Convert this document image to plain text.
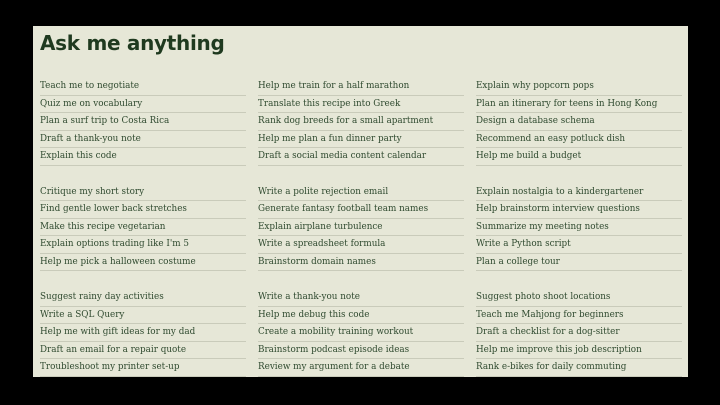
Ask me anything
Teach me to negotiate
Quiz me on vocabulary
Plan a surf trip to Costa Rica
Draft a thank-you note
Explain this code
Help me train for a half marathon
Translate this recipe into Greek
Rank dog breeds for a small apartment
Help me plan a fun dinner party
Draft a social media content calendar
Explain why popcorn pops
Plan an itinerary for teens in Hong Kong
Design a database schema
Recommend an easy potluck dish
Help me build a budget
Critique my short story
Find gentle lower back stretches
Make this recipe vegetarian
Explain options trading like I'm 5
Help me pick a halloween costume
Write a polite rejection email
Generate fantasy football team names
Explain airplane turbulence
Write a spreadsheet formula
Brainstorm domain names
Explain nostalgia to a kindergartener
Help brainstorm interview questions
Summarize my meeting notes
Write a Python script
Plan a college tour
Suggest rainy day activities
Write a SQL Query
Help me with gift ideas for my dad
Draft an email for a repair quote
Troubleshoot my printer set-up
Write a thank-you note
Help me debug this code
Create a mobility training workout
Brainstorm podcast episode ideas
Review my argument for a debate
Suggest photo shoot locations
Teach me Mahjong for beginners
Draft a checklist for a dog-sitter
Help me improve this job description
Rank e-bikes for daily commuting
